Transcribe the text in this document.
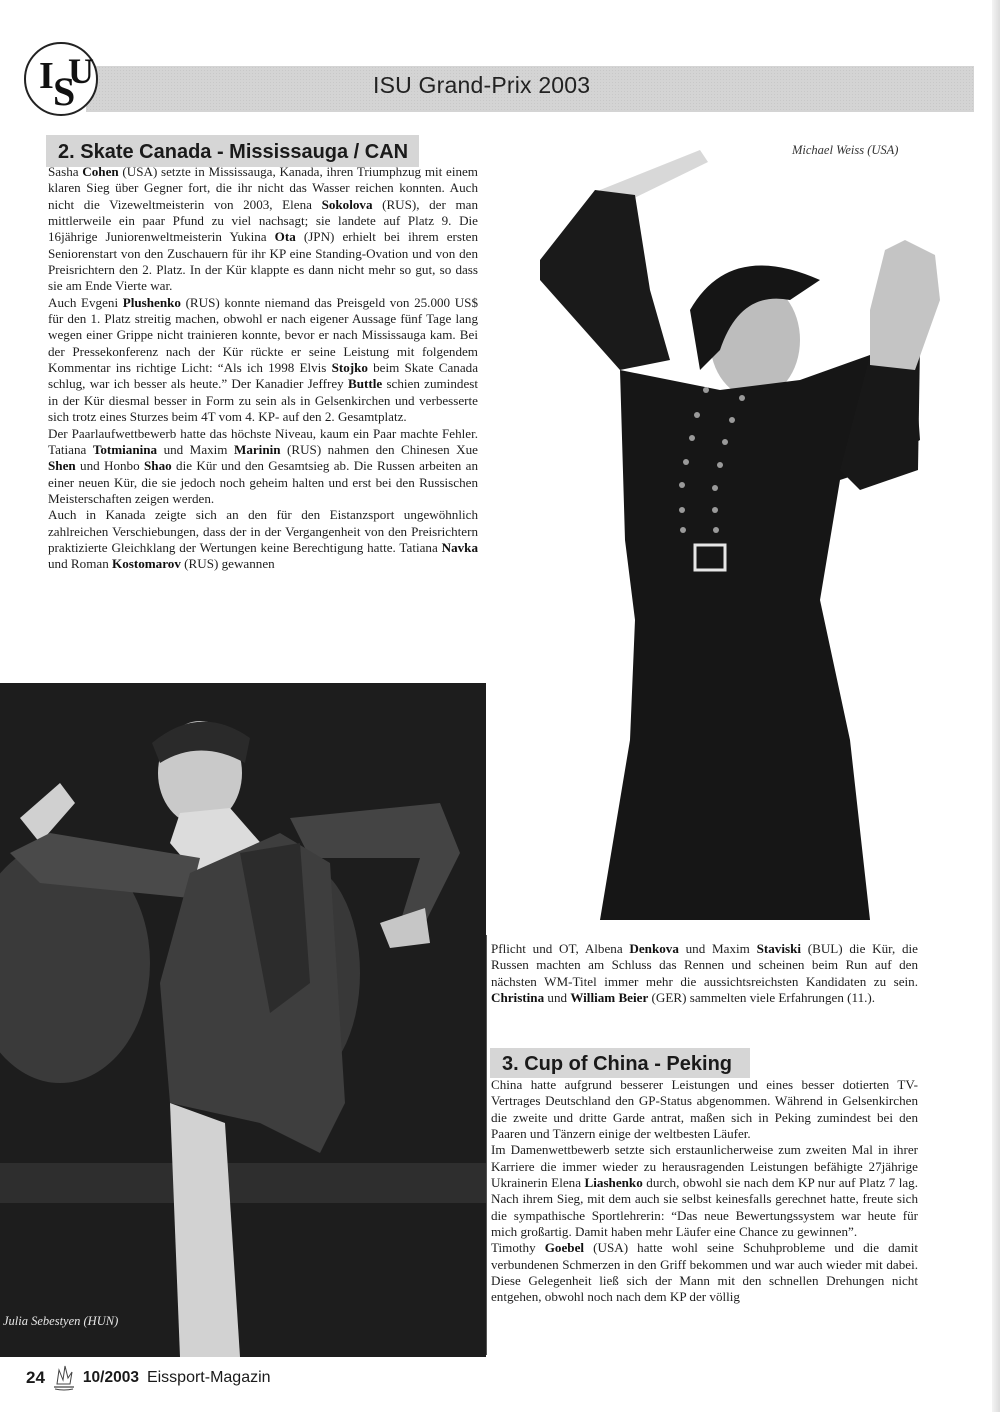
I S
U	ISU Grand-Prix 2003
2. Skate Canada - Mississauga / CAN

Sasha Cohen (USA) setzte in Mississauga, Kanada, ihren Triumphzug mit einem klaren Sieg über Gegner fort, die ihr nicht das Wasser reichen konnten. Auch nicht die Vizeweltmeisterin von 2003, Elena Sokolova (RUS), der man mittlerweile ein paar Pfund zu viel nachsagt; sie landete auf Platz 9. Die 16jährige Juniorenweltmeisterin Yukina Ota (JPN) erhielt bei ihrem ersten Seniorenstart von den Zuschauern für ihr KP eine Standing-Ovation und von den Preisrichtern den 2. Platz. In der Kür klappte es dann nicht mehr so gut, so dass sie am Ende Vierte war.

Auch Evgeni Plushenko (RUS) konnte niemand das Preisgeld von 25.000 US$ für den 1. Platz streitig machen, obwohl er nach eigener Aussage fünf Tage lang wegen einer Grippe nicht trainieren konnte, bevor er nach Mississauga kam. Bei der Pressekonferenz nach der Kür rückte er seine Leistung mit folgendem Kommentar ins richtige Licht: “Als ich 1998 Elvis Stojko beim Skate Canada schlug, war ich besser als heute.” Der Kanadier Jeffrey Buttle schien zumindest in der Kür diesmal besser in Form zu sein als in Gelsenkirchen und verbesserte sich trotz eines Sturzes beim 4T vom 4. KP- auf den 2. Gesamtplatz.

Der Paarlaufwettbewerb hatte das höchste Niveau, kaum ein Paar machte Fehler. Tatiana Totmianina und Maxim Marinin (RUS) nahmen den Chinesen Xue Shen und Honbo Shao die Kür und den Gesamtsieg ab. Die Russen arbeiten an einer neuen Kür, die sie jedoch noch geheim halten und erst bei den Russischen Meisterschaften zeigen werden.

Auch in Kanada zeigte sich an den für den Eistanzsport ungewöhnlich zahlreichen Verschiebungen, dass der in der Vergangenheit von den Preisrichtern praktizierte Gleichklang der Wertungen keine Berechtigung hatte. Tatiana Navka und Roman Kostomarov (RUS) gewannen

Michael Weiss (USA)
Julia Sebestyen (HUN)

Pflicht und OT, Albena Denkova und Maxim Staviski (BUL) die Kür, die Russen machten am Schluss das Rennen und scheinen beim Run auf den nächsten WM-Titel immer mehr die aussichtsreichsten Kandidaten zu sein. Christina und William Beier (GER) sammelten viele Erfahrungen (11.).

3. Cup of China - Peking

China hatte aufgrund besserer Leistungen und eines besser dotierten TV-Vertrages Deutschland den GP-Status abgenommen. Während in Gelsenkirchen die zweite und dritte Garde antrat, maßen sich in Peking zumindest bei den Paaren und Tänzern einige der weltbesten Läufer.

Im Damenwettbewerb setzte sich erstaunlicherweise zum zweiten Mal in ihrer Karriere die immer wieder zu herausragenden Leistungen befähigte 27jährige Ukrainerin Elena Liashenko durch, obwohl sie nach dem KP nur auf Platz 7 lag. Nach ihrem Sieg, mit dem auch sie selbst keinesfalls gerechnet hatte, freute sich die sympathische Sportlehrerin: “Das neue Bewertungssystem war heute für mich großartig. Damit haben mehr Läufer eine Chance zu gewinnen”.

Timothy Goebel (USA) hatte wohl seine Schuhprobleme und die damit verbundenen Schmerzen in den Griff bekommen und war auch wieder mit dabei. Diese Gelegenheit ließ sich der Mann mit den schnellen Drehungen nicht entgehen, obwohl noch nach dem KP der völlig

24 10/2003 Eissport-Magazin
